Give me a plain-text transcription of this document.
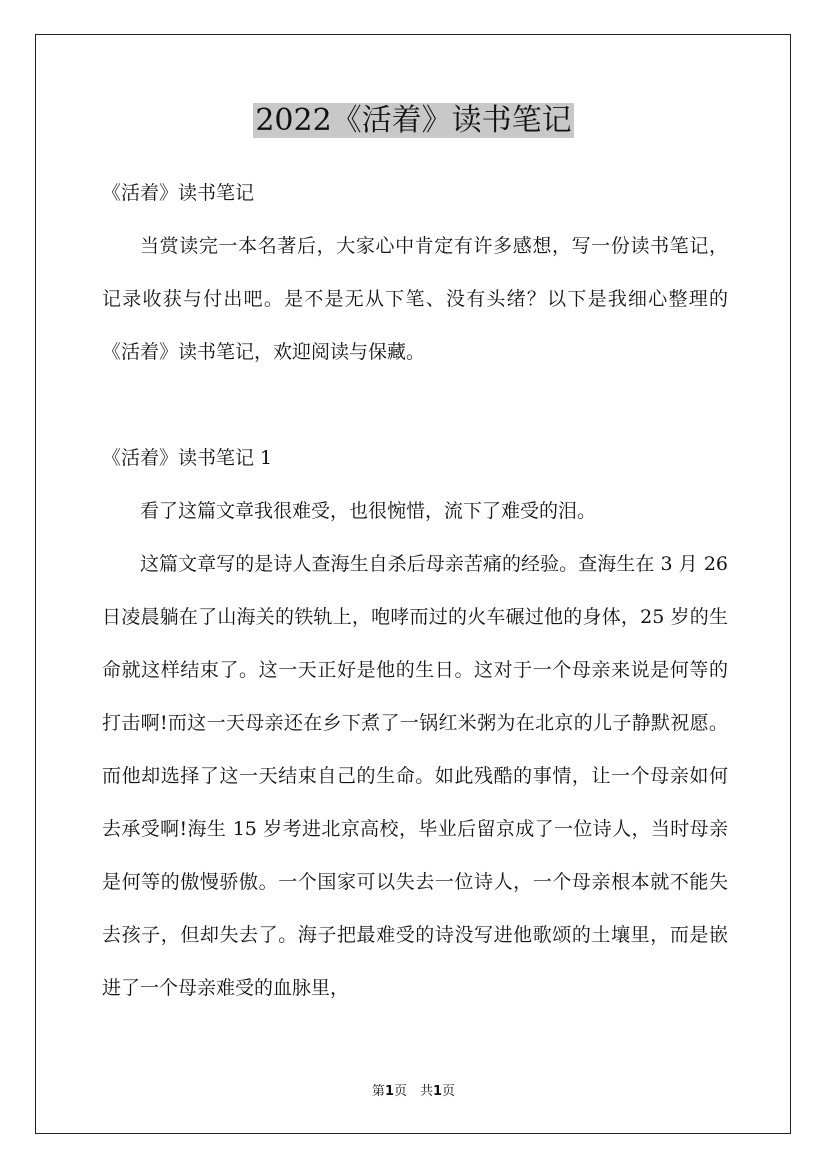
2022《活着》读书笔记

《活着》读书笔记

当赏读完一本名著后，大家心中肯定有许多感想，写一份读书笔记，记录收获与付出吧。是不是无从下笔、没有头绪？以下是我细心整理的《活着》读书笔记，欢迎阅读与保藏。

《活着》读书笔记 1

看了这篇文章我很难受，也很惋惜，流下了难受的泪。

这篇文章写的是诗人查海生自杀后母亲苦痛的经验。查海生在 3 月 26 日凌晨躺在了山海关的铁轨上，咆哮而过的火车碾过他的身体，25 岁的生命就这样结束了。这一天正好是他的生日。这对于一个母亲来说是何等的打击啊!而这一天母亲还在乡下煮了一锅红米粥为在北京的儿子静默祝愿。而他却选择了这一天结束自己的生命。如此残酷的事情，让一个母亲如何去承受啊!海生 15 岁考进北京高校，毕业后留京成了一位诗人，当时母亲是何等的傲慢骄傲。一个国家可以失去一位诗人，一个母亲根本就不能失去孩子，但却失去了。海子把最难受的诗没写进他歌颂的土壤里，而是嵌进了一个母亲难受的血脉里，

第1页　共1页
